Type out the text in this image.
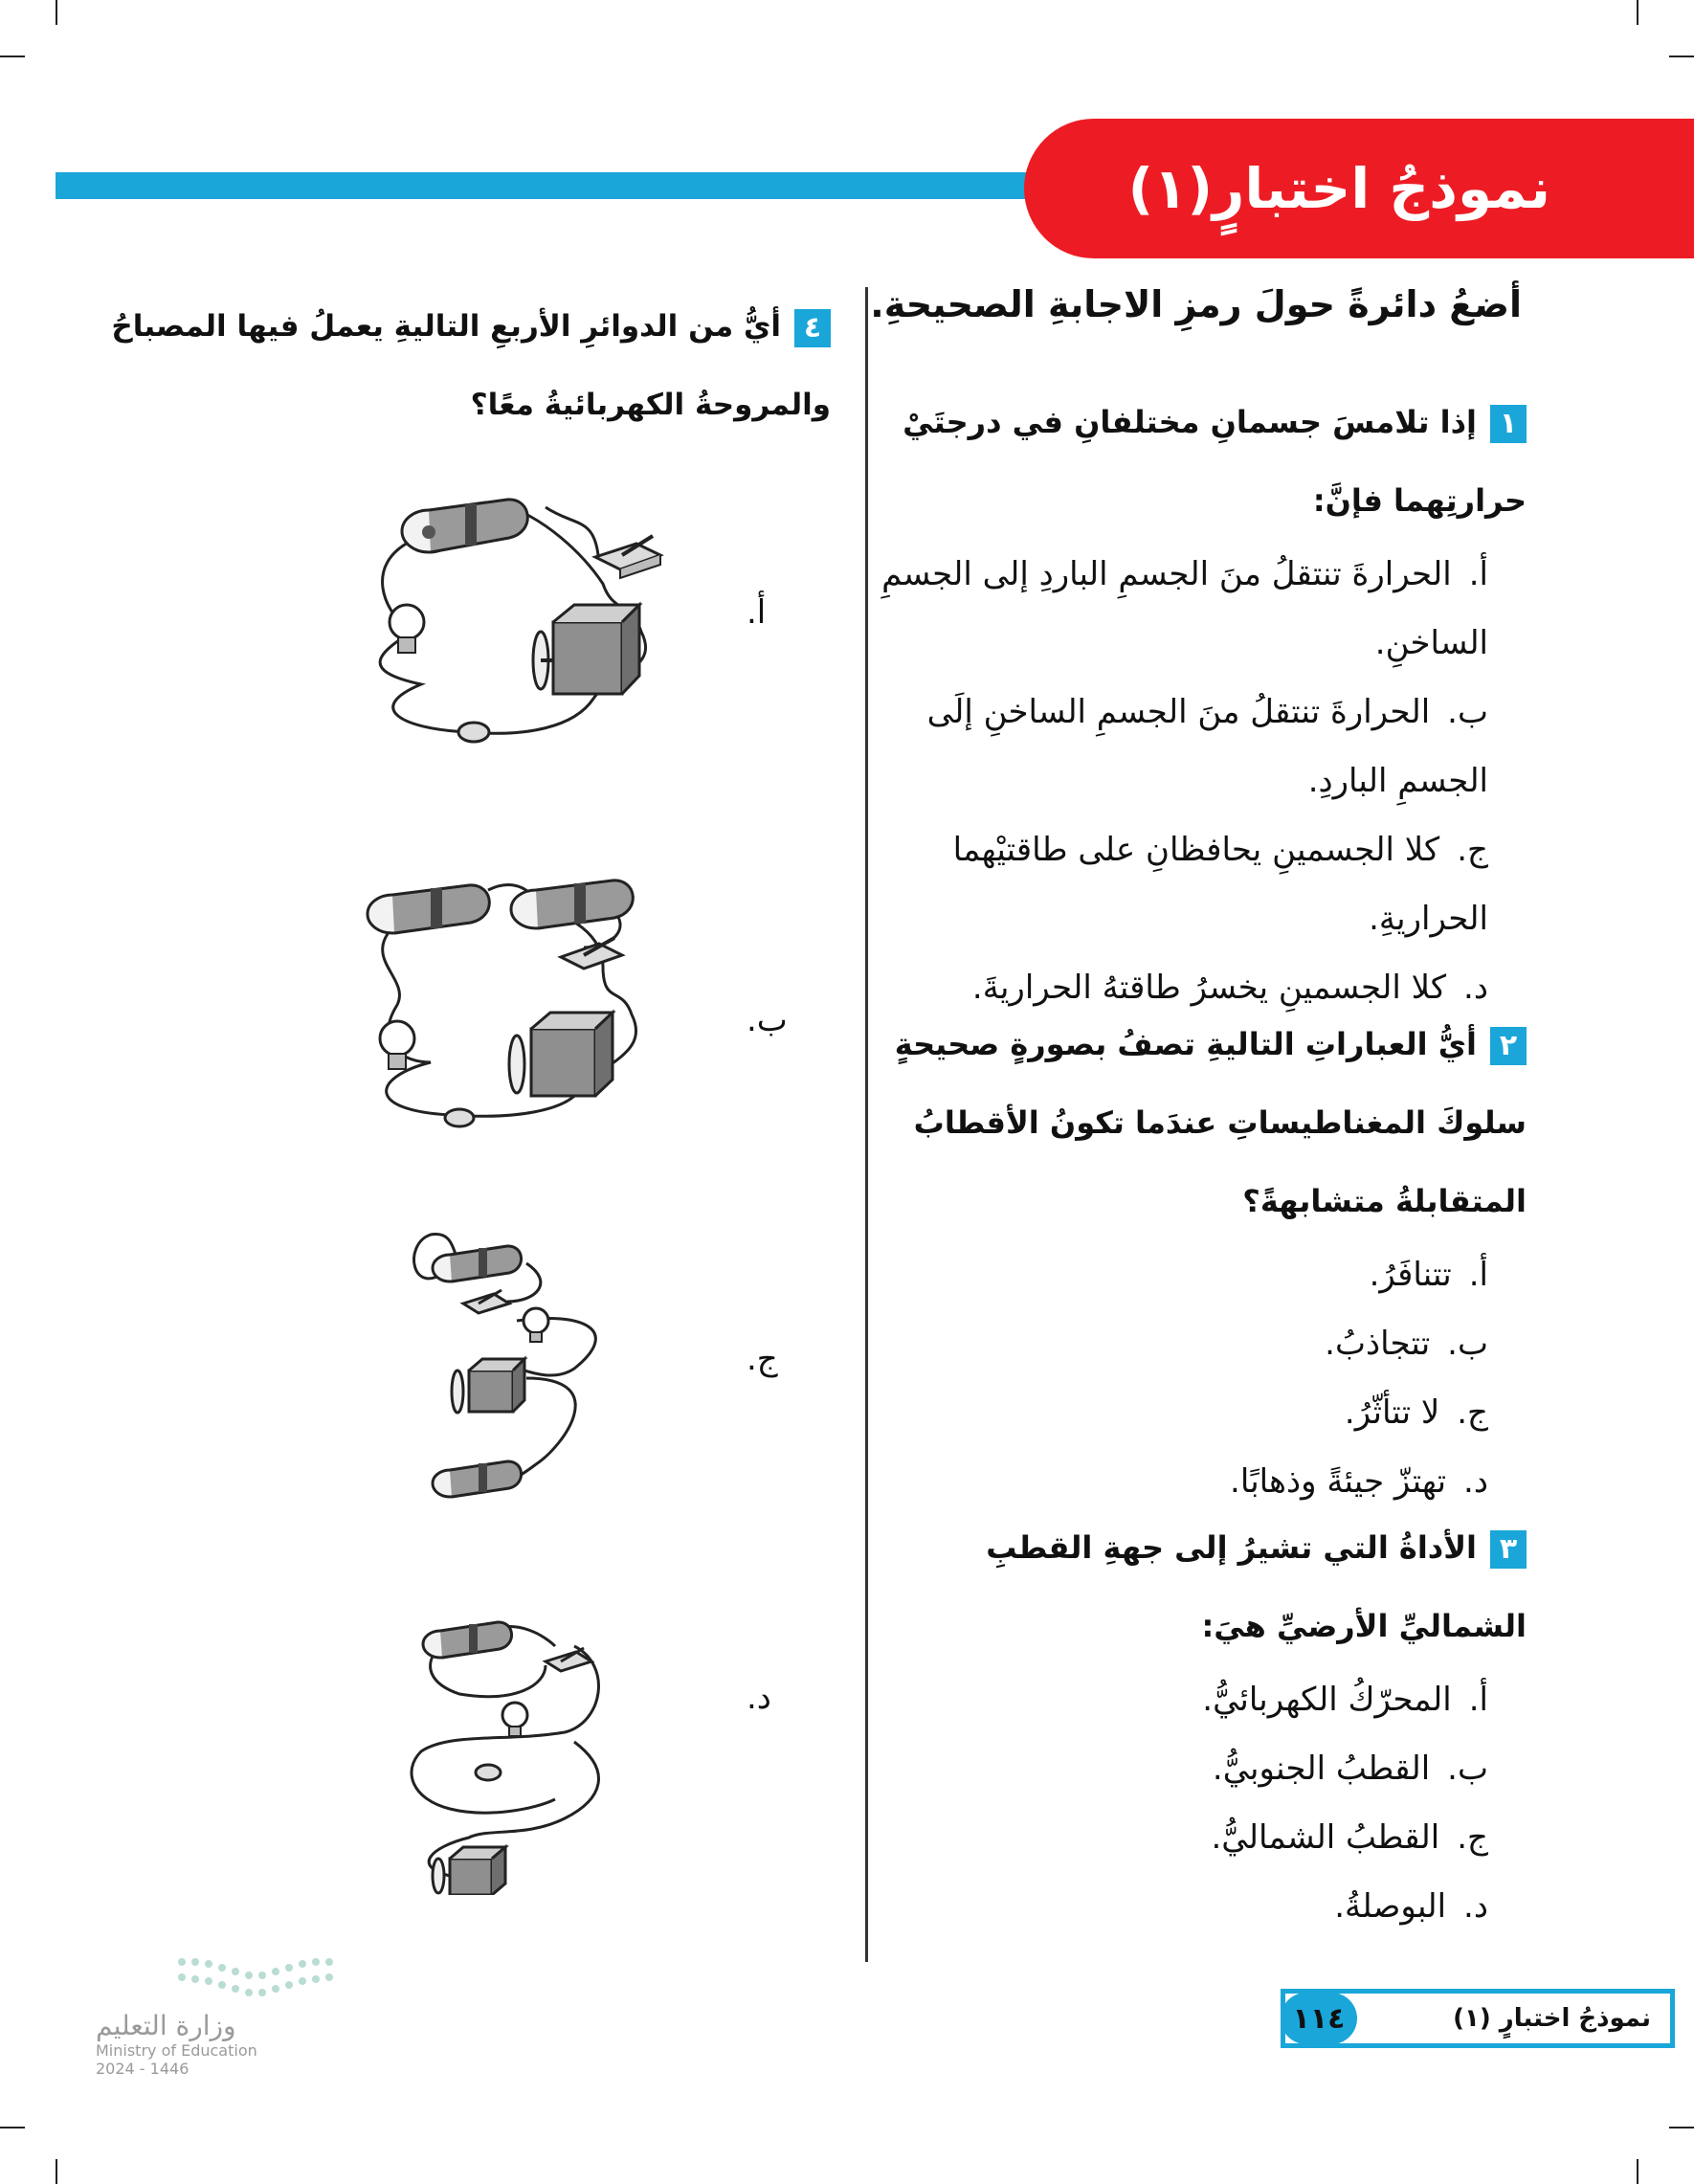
نموذجُ اختبارٍ(١)
أضعُ دائرةً حولَ رمزِ الاجابةِ الصحيحةِ.
١إذا تلامسَ جسمانِ مختلفانِ في درجتَيْ حرارتِهما فإنَّ:
أ.الحرارةَ تنتقلُ منَ الجسمِ الباردِ إلى الجسمِ الساخنِ.
ب.الحرارةَ تنتقلُ منَ الجسمِ الساخنِ إلَى الجسمِ الباردِ.
ج.كلا الجسمينِ يحافظانِ على طاقتيْهما الحراريةِ.
د.كلا الجسمينِ يخسرُ طاقتهُ الحراريةَ.
٢أيُّ العباراتِ التاليةِ تصفُ بصورةٍ صحيحةٍ سلوكَ المغناطيساتِ عندَما تكونُ الأقطابُ المتقابلةُ متشابهةً؟
أ.تتنافَرُ.
ب.تتجاذبُ.
ج.لا تتأثّرُ.
د.تهتزّ جيئةً وذهابًا.
٣الأداةُ التي تشيرُ إلى جهةِ القطبِ الشماليِّ الأرضيِّ هيَ:
أ.المحرّكُ الكهربائيُّ.
ب.القطبُ الجنوبيُّ.
ج.القطبُ الشماليُّ.
د.البوصلةُ.
٤أيُّ من الدوائرِ الأربعِ التاليةِ يعملُ فيها المصباحُ والمروحةُ الكهربائيةُ معًا؟
أ.
ب.
ج.
د.
وزارة التعليم
Ministry of Education
2024 - 1446
نموذجُ اختبارٍ (١)
١١٤
